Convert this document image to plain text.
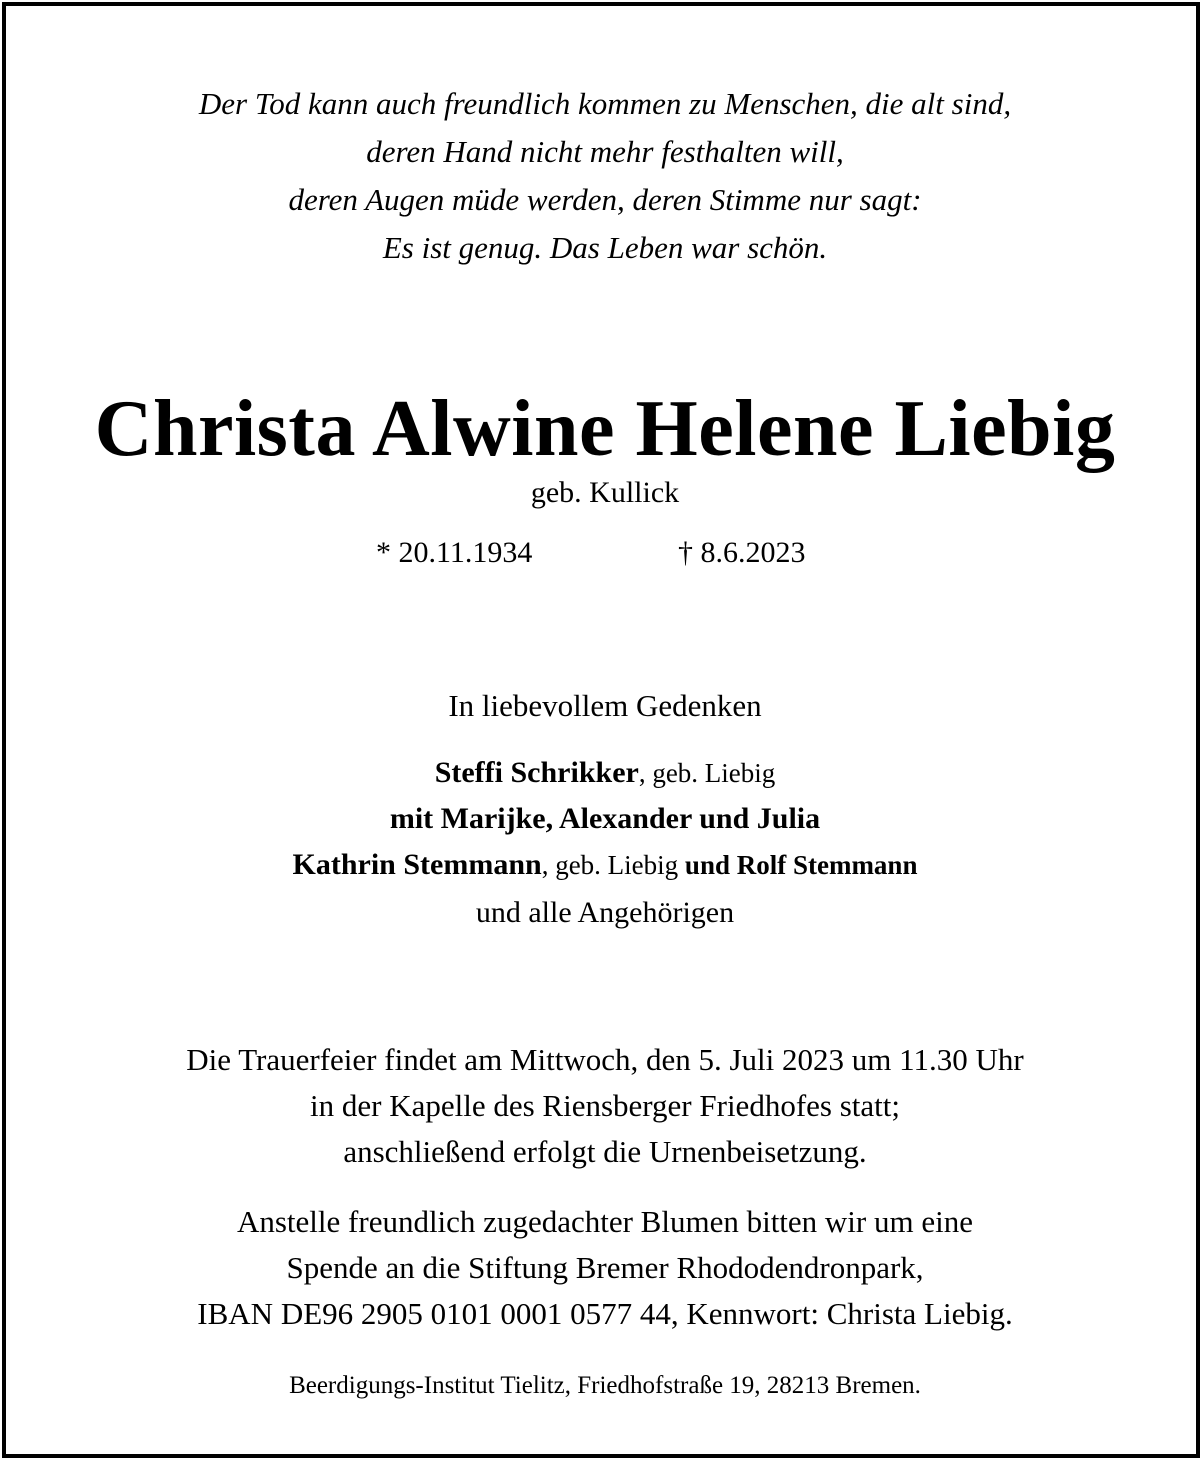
Der Tod kann auch freundlich kommen zu Menschen, die alt sind,
deren Hand nicht mehr festhalten will,
deren Augen müde werden, deren Stimme nur sagt:
Es ist genug. Das Leben war schön.
Christa Alwine Helene Liebig
geb. Kullick
* 20.11.1934	† 8.6.2023
In liebevollem Gedenken
Steffi Schrikker, geb. Liebig
mit Marijke, Alexander und Julia
Kathrin Stemmann, geb. Liebig und Rolf Stemmann
und alle Angehörigen
Die Trauerfeier findet am Mittwoch, den 5. Juli 2023 um 11.30 Uhr
in der Kapelle des Riensberger Friedhofes statt;
anschließend erfolgt die Urnenbeisetzung.
Anstelle freundlich zugedachter Blumen bitten wir um eine
Spende an die Stiftung Bremer Rhododendronpark,
IBAN DE96 2905 0101 0001 0577 44, Kennwort: Christa Liebig.
Beerdigungs-Institut Tielitz, Friedhofstraße 19, 28213 Bremen.
